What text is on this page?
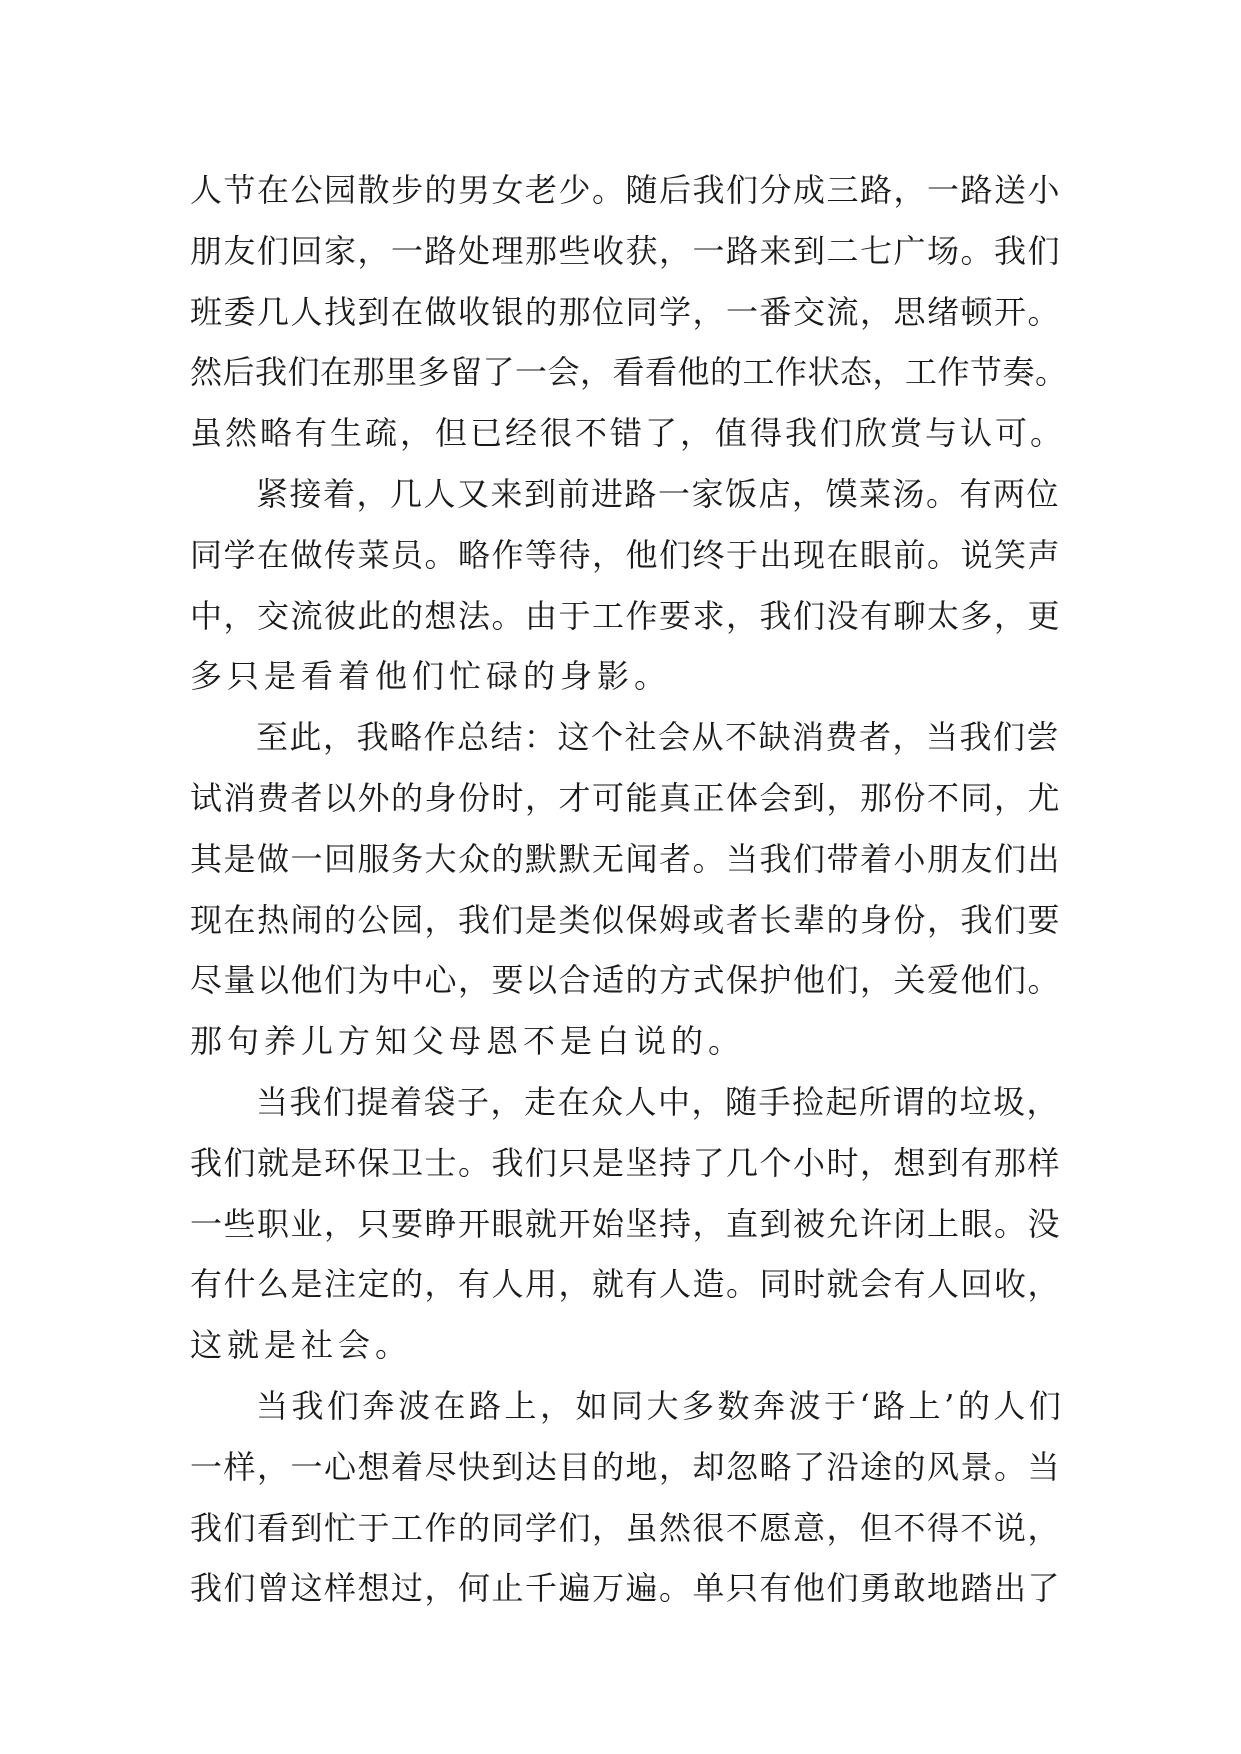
人节在公园散步的男女老少。随后我们分成三路，一路送小
朋友们回家，一路处理那些收获，一路来到二七广场。我们
班委几人找到在做收银的那位同学，一番交流，思绪顿开。
然后我们在那里多留了一会，看看他的工作状态，工作节奏。
虽然略有生疏，但已经很不错了，值得我们欣赏与认可。
紧接着，几人又来到前进路一家饭店，馍菜汤。有两位
同学在做传菜员。略作等待，他们终于出现在眼前。说笑声
中，交流彼此的想法。由于工作要求，我们没有聊太多，更
多只是看着他们忙碌的身影。
至此，我略作总结：这个社会从不缺消费者，当我们尝
试消费者以外的身份时，才可能真正体会到，那份不同，尤
其是做一回服务大众的默默无闻者。当我们带着小朋友们出
现在热闹的公园，我们是类似保姆或者长辈的身份，我们要
尽量以他们为中心，要以合适的方式保护他们，关爱他们。
那句养儿方知父母恩不是白说的。
当我们提着袋子，走在众人中，随手捡起所谓的垃圾，
我们就是环保卫士。我们只是坚持了几个小时，想到有那样
一些职业，只要睁开眼就开始坚持，直到被允许闭上眼。没
有什么是注定的，有人用，就有人造。同时就会有人回收，
这就是社会。
当我们奔波在路上，如同大多数奔波于‘路上’的人们
一样，一心想着尽快到达目的地，却忽略了沿途的风景。当
我们看到忙于工作的同学们，虽然很不愿意，但不得不说，
我们曾这样想过，何止千遍万遍。单只有他们勇敢地踏出了
